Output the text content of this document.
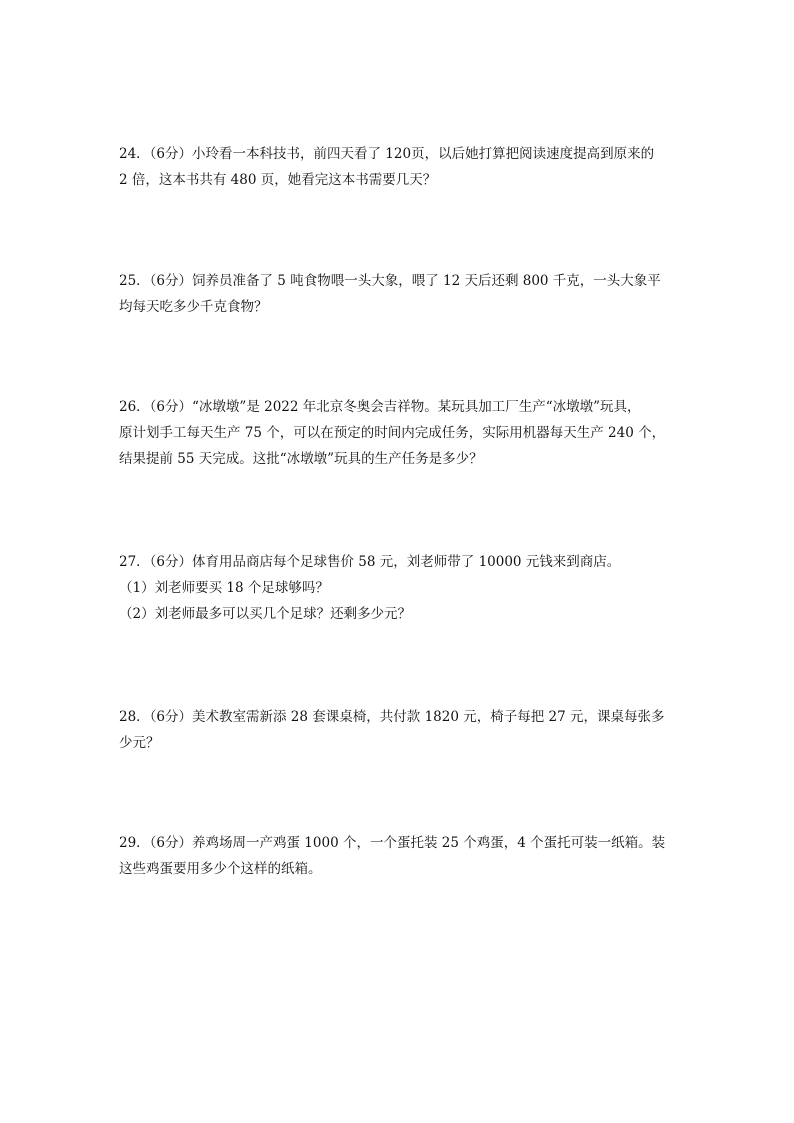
24．（6分）小玲看一本科技书，前四天看了 120页，以后她打算把阅读速度提高到原来的
2 倍，这本书共有 480 页，她看完这本书需要几天？
25．（6分）饲养员准备了 5 吨食物喂一头大象，喂了 12 天后还剩 800 千克，一头大象平
均每天吃多少千克食物？
26．（6分）“冰墩墩”是 2022 年北京冬奥会吉祥物。某玩具加工厂生产“冰墩墩”玩具，
原计划手工每天生产 75 个，可以在预定的时间内完成任务，实际用机器每天生产 240 个，
结果提前 55 天完成。这批“冰墩墩”玩具的生产任务是多少？
27．（6分）体育用品商店每个足球售价 58 元，刘老师带了 10000 元钱来到商店。
（1）刘老师要买 18 个足球够吗？
（2）刘老师最多可以买几个足球？还剩多少元？
28．（6分）美术教室需新添 28 套课桌椅，共付款 1820 元，椅子每把 27 元，课桌每张多
少元？
29．（6分）养鸡场周一产鸡蛋 1000 个，一个蛋托装 25 个鸡蛋，4 个蛋托可装一纸箱。装
这些鸡蛋要用多少个这样的纸箱。
